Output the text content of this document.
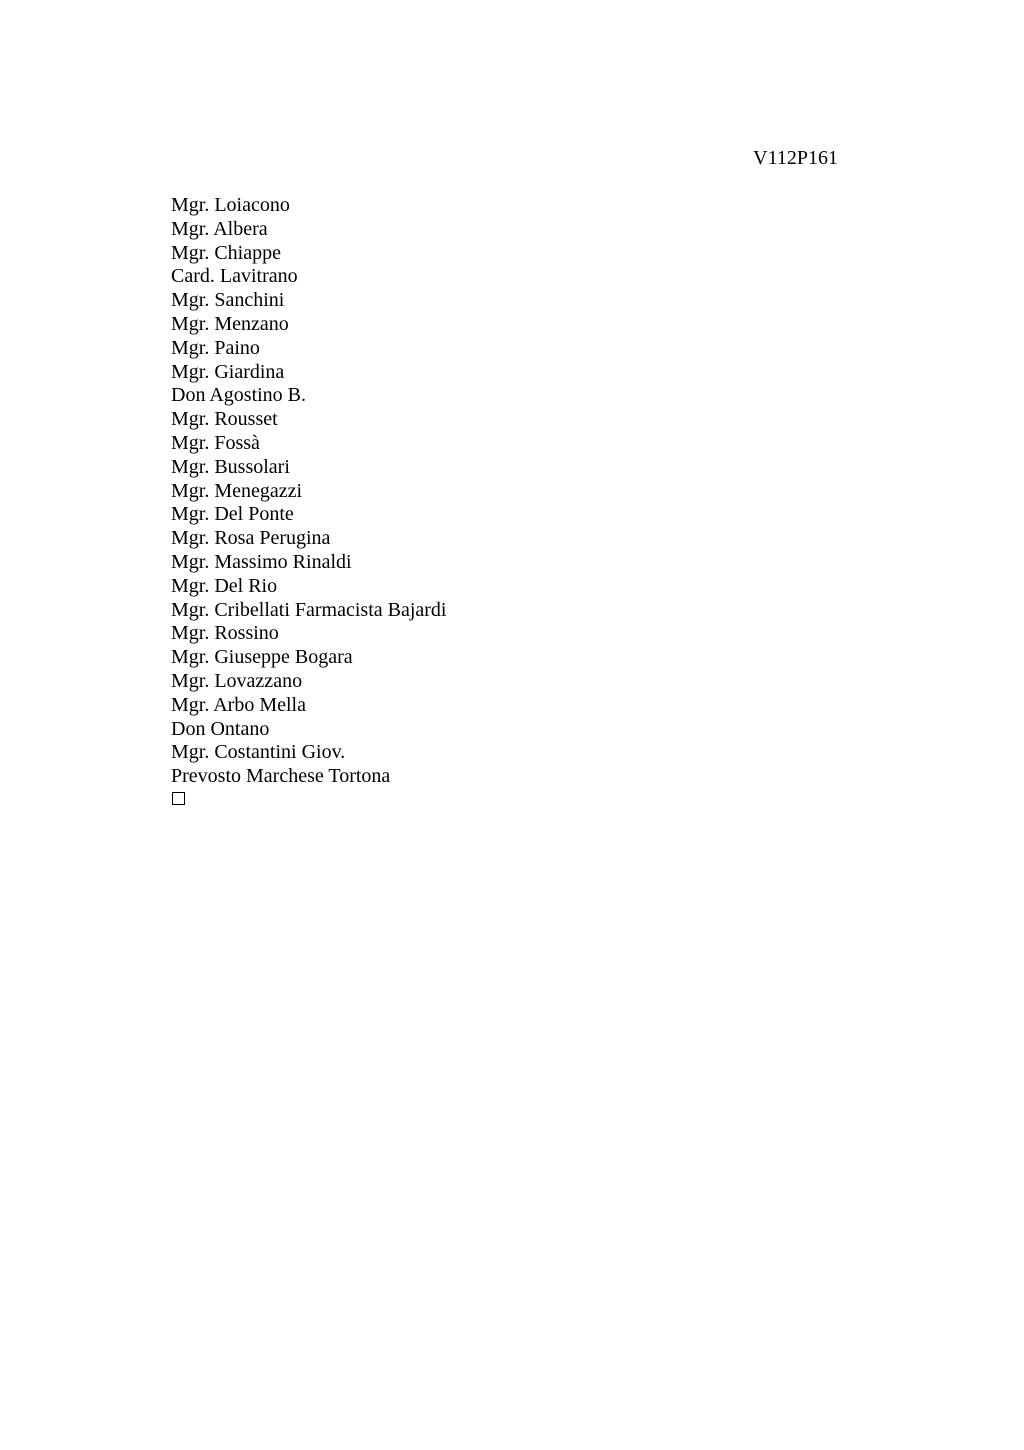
V112P161
Mgr. Loiacono
Mgr. Albera
Mgr. Chiappe
Card. Lavitrano
Mgr. Sanchini
Mgr. Menzano
Mgr. Paino
Mgr. Giardina
Don Agostino B.
Mgr. Rousset
Mgr. Fossà
Mgr. Bussolari
Mgr. Menegazzi
Mgr. Del Ponte
Mgr. Rosa Perugina
Mgr. Massimo Rinaldi
Mgr. Del Rio
Mgr. Cribellati Farmacista Bajardi
Mgr. Rossino
Mgr. Giuseppe Bogara
Mgr. Lovazzano
Mgr. Arbo Mella
Don Ontano
Mgr. Costantini Giov.
Prevosto Marchese Tortona
